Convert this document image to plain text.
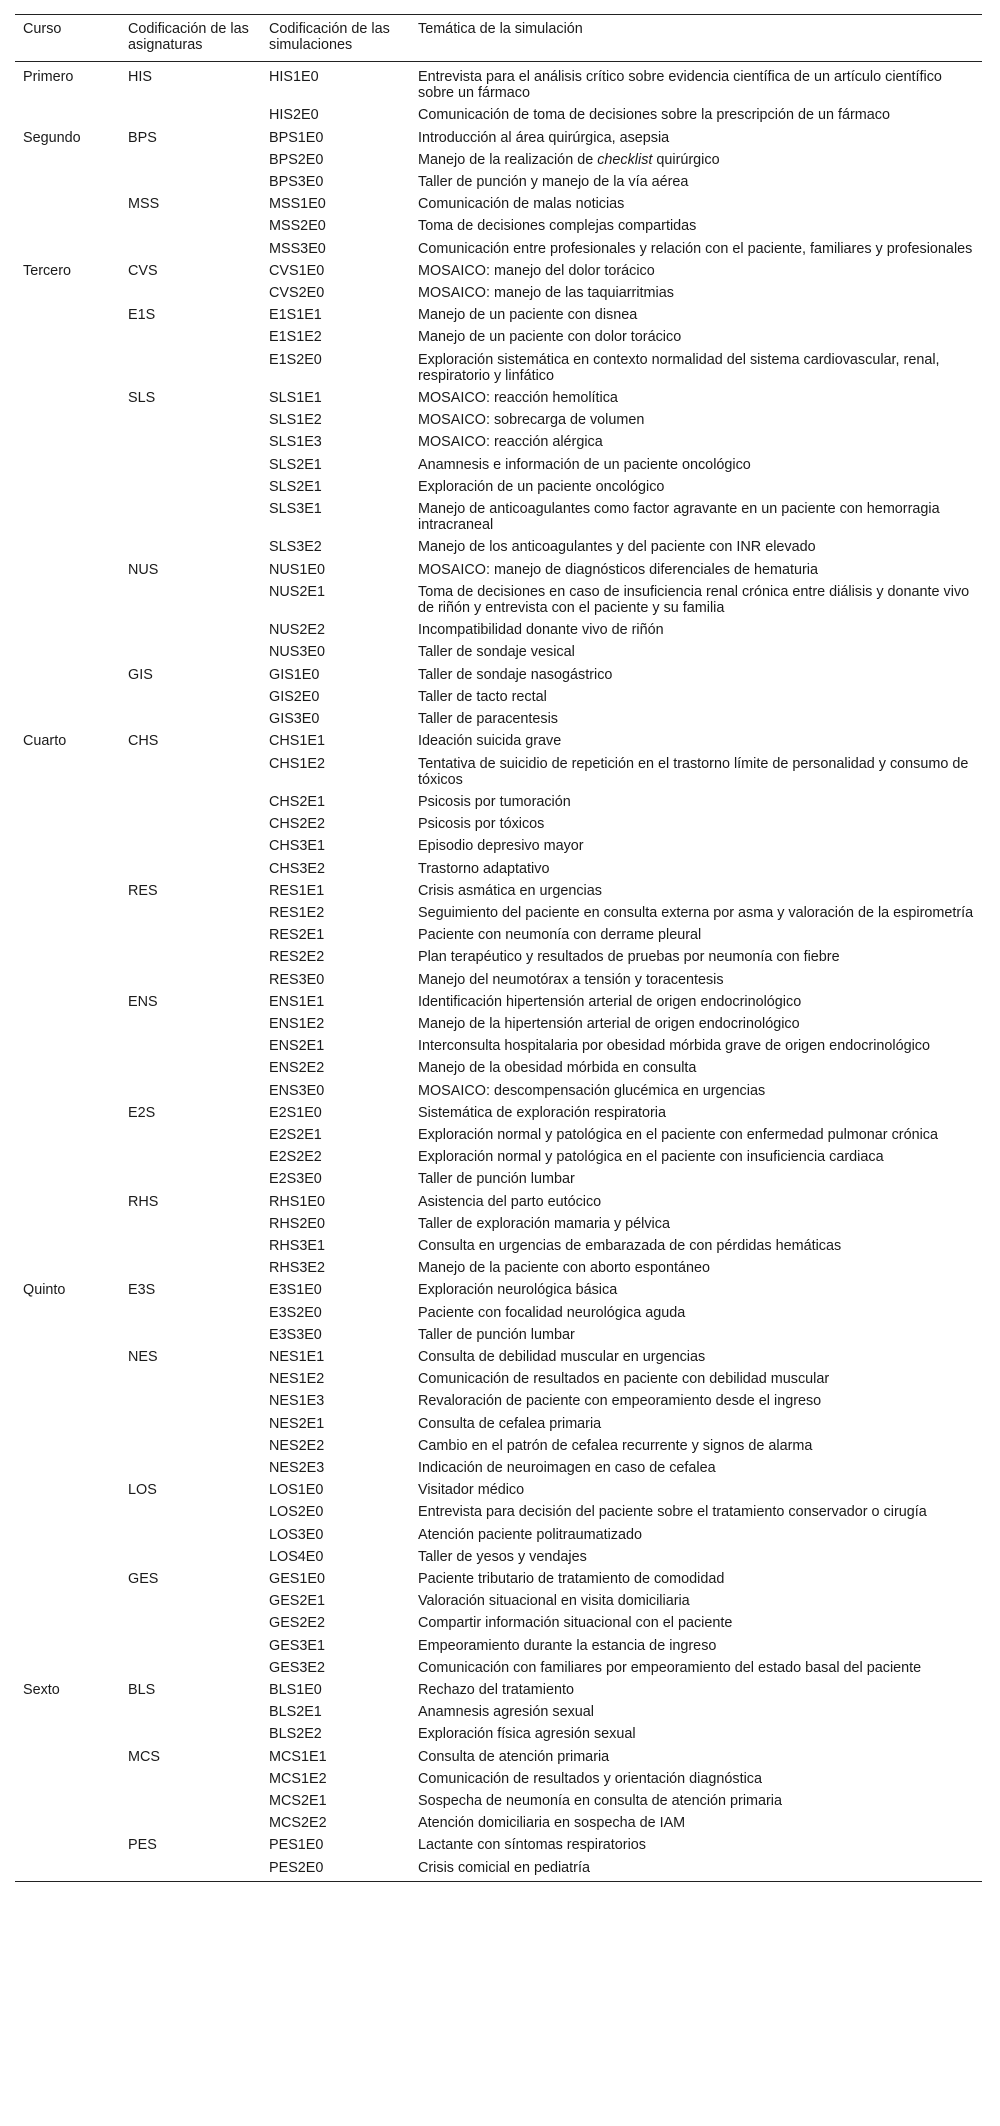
Curso	Codificación de las asignaturas	Codificación de las simulaciones	Temática de la simulación
Primero	HIS	HIS1E0	Entrevista para el análisis crítico sobre evidencia científica de un artículo científico sobre un fármaco
		HIS2E0	Comunicación de toma de decisiones sobre la prescripción de un fármaco
Segundo	BPS	BPS1E0	Introducción al área quirúrgica, asepsia
		BPS2E0	Manejo de la realización de checklist quirúrgico
		BPS3E0	Taller de punción y manejo de la vía aérea
	MSS	MSS1E0	Comunicación de malas noticias
		MSS2E0	Toma de decisiones complejas compartidas
		MSS3E0	Comunicación entre profesionales y relación con el paciente, familiares y profesionales
Tercero	CVS	CVS1E0	MOSAICO: manejo del dolor torácico
		CVS2E0	MOSAICO: manejo de las taquiarritmias
	E1S	E1S1E1	Manejo de un paciente con disnea
		E1S1E2	Manejo de un paciente con dolor torácico
		E1S2E0	Exploración sistemática en contexto normalidad del sistema cardiovascular, renal, respiratorio y linfático
	SLS	SLS1E1	MOSAICO: reacción hemolítica
		SLS1E2	MOSAICO: sobrecarga de volumen
		SLS1E3	MOSAICO: reacción alérgica
		SLS2E1	Anamnesis e información de un paciente oncológico
		SLS2E1	Exploración de un paciente oncológico
		SLS3E1	Manejo de anticoagulantes como factor agravante en un paciente con hemorragia intracraneal
		SLS3E2	Manejo de los anticoagulantes y del paciente con INR elevado
	NUS	NUS1E0	MOSAICO: manejo de diagnósticos diferenciales de hematuria
		NUS2E1	Toma de decisiones en caso de insuficiencia renal crónica entre diálisis y donante vivo de riñón y entrevista con el paciente y su familia
		NUS2E2	Incompatibilidad donante vivo de riñón
		NUS3E0	Taller de sondaje vesical
	GIS	GIS1E0	Taller de sondaje nasogástrico
		GIS2E0	Taller de tacto rectal
		GIS3E0	Taller de paracentesis
Cuarto	CHS	CHS1E1	Ideación suicida grave
		CHS1E2	Tentativa de suicidio de repetición en el trastorno límite de personalidad y consumo de tóxicos
		CHS2E1	Psicosis por tumoración
		CHS2E2	Psicosis por tóxicos
		CHS3E1	Episodio depresivo mayor
		CHS3E2	Trastorno adaptativo
	RES	RES1E1	Crisis asmática en urgencias
		RES1E2	Seguimiento del paciente en consulta externa por asma y valoración de la espirometría
		RES2E1	Paciente con neumonía con derrame pleural
		RES2E2	Plan terapéutico y resultados de pruebas por neumonía con fiebre
		RES3E0	Manejo del neumotórax a tensión y toracentesis
	ENS	ENS1E1	Identificación hipertensión arterial de origen endocrinológico
		ENS1E2	Manejo de la hipertensión arterial de origen endocrinológico
		ENS2E1	Interconsulta hospitalaria por obesidad mórbida grave de origen endocrinológico
		ENS2E2	Manejo de la obesidad mórbida en consulta
		ENS3E0	MOSAICO: descompensación glucémica en urgencias
	E2S	E2S1E0	Sistemática de exploración respiratoria
		E2S2E1	Exploración normal y patológica en el paciente con enfermedad pulmonar crónica
		E2S2E2	Exploración normal y patológica en el paciente con insuficiencia cardiaca
		E2S3E0	Taller de punción lumbar
	RHS	RHS1E0	Asistencia del parto eutócico
		RHS2E0	Taller de exploración mamaria y pélvica
		RHS3E1	Consulta en urgencias de embarazada de con pérdidas hemáticas
		RHS3E2	Manejo de la paciente con aborto espontáneo
Quinto	E3S	E3S1E0	Exploración neurológica básica
		E3S2E0	Paciente con focalidad neurológica aguda
		E3S3E0	Taller de punción lumbar
	NES	NES1E1	Consulta de debilidad muscular en urgencias
		NES1E2	Comunicación de resultados en paciente con debilidad muscular
		NES1E3	Revaloración de paciente con empeoramiento desde el ingreso
		NES2E1	Consulta de cefalea primaria
		NES2E2	Cambio en el patrón de cefalea recurrente y signos de alarma
		NES2E3	Indicación de neuroimagen en caso de cefalea
	LOS	LOS1E0	Visitador médico
		LOS2E0	Entrevista para decisión del paciente sobre el tratamiento conservador o cirugía
		LOS3E0	Atención paciente politraumatizado
		LOS4E0	Taller de yesos y vendajes
	GES	GES1E0	Paciente tributario de tratamiento de comodidad
		GES2E1	Valoración situacional en visita domiciliaria
		GES2E2	Compartir información situacional con el paciente
		GES3E1	Empeoramiento durante la estancia de ingreso
		GES3E2	Comunicación con familiares por empeoramiento del estado basal del paciente
Sexto	BLS	BLS1E0	Rechazo del tratamiento
		BLS2E1	Anamnesis agresión sexual
		BLS2E2	Exploración física agresión sexual
	MCS	MCS1E1	Consulta de atención primaria
		MCS1E2	Comunicación de resultados y orientación diagnóstica
		MCS2E1	Sospecha de neumonía en consulta de atención primaria
		MCS2E2	Atención domiciliaria en sospecha de IAM
	PES	PES1E0	Lactante con síntomas respiratorios
		PES2E0	Crisis comicial en pediatría
